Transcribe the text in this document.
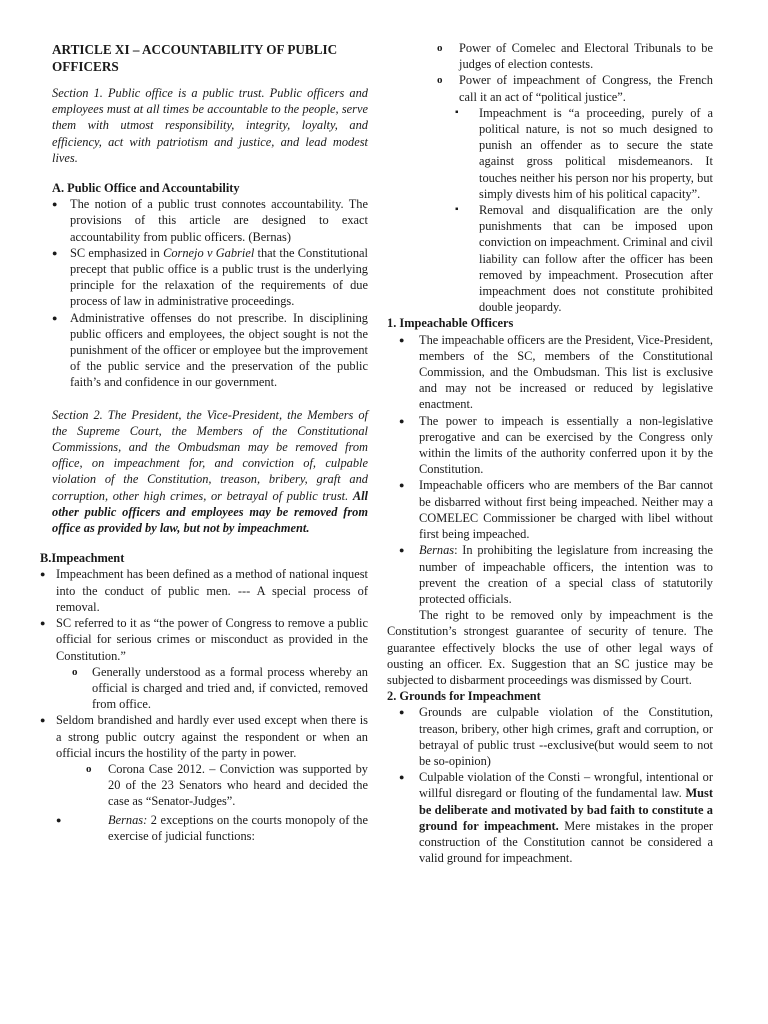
ARTICLE XI – ACCOUNTABILITY OF PUBLIC OFFICERS

Section 1. Public office is a public trust. Public officers and employees must at all times be accountable to the people, serve them with utmost responsibility, integrity, loyalty, and efficiency, act with patriotism and justice, and lead modest lives.

A. Public Office and Accountability

● The notion of a public trust connotes accountability. The provisions of this article are designed to exact accountability from public officers. (Bernas)
● SC emphasized in Cornejo v Gabriel that the Constitutional precept that public office is a public trust is the underlying principle for the relaxation of the requirements of due process of law in administrative proceedings.
● Administrative offenses do not prescribe. In disciplining public officers and employees, the object sought is not the punishment of the officer or employee but the improvement of the public service and the preservation of the public faith’s and confidence in our government.

Section 2. The President, the Vice-President, the Members of the Supreme Court, the Members of the Constitutional Commissions, and the Ombudsman may be removed from office, on impeachment for, and conviction of, culpable violation of the Constitution, treason, bribery, graft and corruption, other high crimes, or betrayal of public trust. All other public officers and employees may be removed from office as provided by law, but not by impeachment.

B.Impeachment

● Impeachment has been defined as a method of national inquest into the conduct of public men. --- A special process of removal.
● SC referred to it as “the power of Congress to remove a public official for serious crimes or misconduct as provided in the Constitution.”
o Generally understood as a formal process whereby an official is charged and tried and, if convicted, removed from office.
● Seldom brandished and hardly ever used except when there is a strong public outcry against the respondent or when an official incurs the hostility of the party in power.
o Corona Case 2012. – Conviction was supported by 20 of the 23 Senators who heard and decided the case as “Senator-Judges”.
● Bernas: 2 exceptions on the courts monopoly of the exercise of judicial functions:
o Power of Comelec and Electoral Tribunals to be judges of election contests.
o Power of impeachment of Congress, the French call it an act of “political justice”.
▪ Impeachment is “a proceeding, purely of a political nature, is not so much designed to punish an offender as to secure the state against gross political misdemeanors. It touches neither his person nor his property, but simply divests him of his political capacity”.
▪ Removal and disqualification are the only punishments that can be imposed upon conviction on impeachment. Criminal and civil liability can follow after the officer has been removed by impeachment. Prosecution after impeachment does not constitute prohibited double jeopardy.

1. Impeachable Officers

● The impeachable officers are the President, Vice-President, members of the SC, members of the Constitutional Commission, and the Ombudsman. This list is exclusive and may not be increased or reduced by legislative enactment.
● The power to impeach is essentially a non-legislative prerogative and can be exercised by the Congress only within the limits of the authority conferred upon it by the Constitution.
● Impeachable officers who are members of the Bar cannot be disbarred without first being impeached. Neither may a COMELEC Commissioner be charged with libel without first being impeached.
● Bernas: In prohibiting the legislature from increasing the number of impeachable officers, the intention was to prevent the creation of a special class of statutorily protected officials.

The right to be removed only by impeachment is the Constitution’s strongest guarantee of security of tenure. The guarantee effectively blocks the use of other legal ways of ousting an officer. Ex. Suggestion that an SC justice may be subjected to disbarment proceedings was dismissed by Court.

2. Grounds for Impeachment

● Grounds are culpable violation of the Constitution, treason, bribery, other high crimes, graft and corruption, or betrayal of public trust --exclusive(but would seem to not be so-opinion)
● Culpable violation of the Consti – wrongful, intentional or willful disregard or flouting of the fundamental law. Must be deliberate and motivated by bad faith to constitute a ground for impeachment. Mere mistakes in the proper construction of the Constitution cannot be considered a valid ground for impeachment.
